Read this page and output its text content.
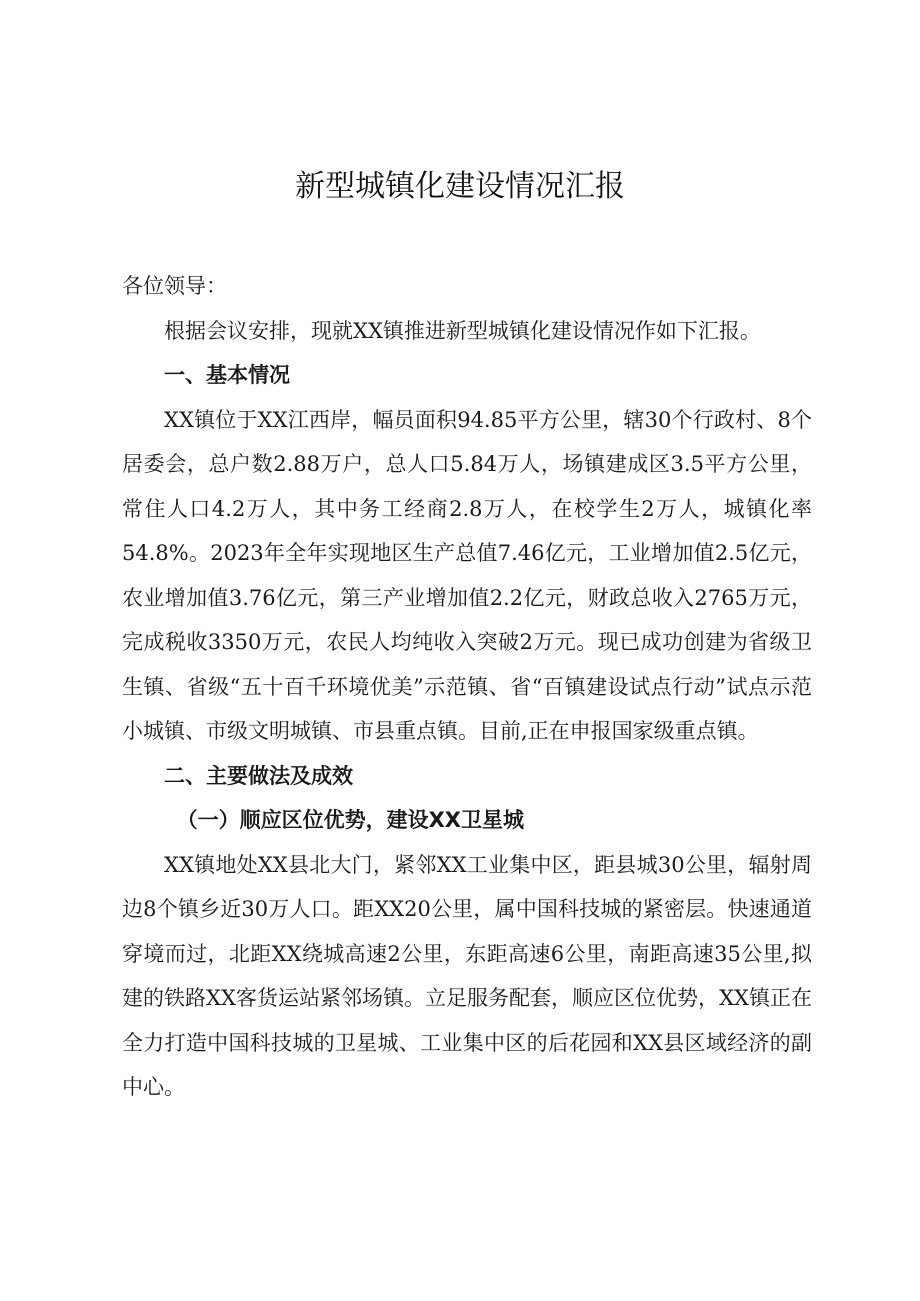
新型城镇化建设情况汇报

各位领导：

根据会议安排，现就XX镇推进新型城镇化建设情况作如下汇报。

一、基本情况

XX镇位于XX江西岸，幅员面积94.85平方公里，辖30个行政村、8个居委会，总户数2.88万户，总人口5.84万人，场镇建成区3.5平方公里，常住人口4.2万人，其中务工经商2.8万人，在校学生2万人，城镇化率54.8%。2023年全年实现地区生产总值7.46亿元，工业增加值2.5亿元，农业增加值3.76亿元，第三产业增加值2.2亿元，财政总收入2765万元，完成税收3350万元，农民人均纯收入突破2万元。现已成功创建为省级卫生镇、省级“五十百千环境优美”示范镇、省“百镇建设试点行动”试点示范小城镇、市级文明城镇、市县重点镇。目前,正在申报国家级重点镇。

二、主要做法及成效

（一）顺应区位优势，建设XX卫星城

XX镇地处XX县北大门，紧邻XX工业集中区，距县城30公里，辐射周边8个镇乡近30万人口。距XX20公里，属中国科技城的紧密层。快速通道穿境而过，北距XX绕城高速2公里，东距高速6公里，南距高速35公里,拟建的铁路XX客货运站紧邻场镇。立足服务配套，顺应区位优势，XX镇正在全力打造中国科技城的卫星城、工业集中区的后花园和XX县区域经济的副中心。
